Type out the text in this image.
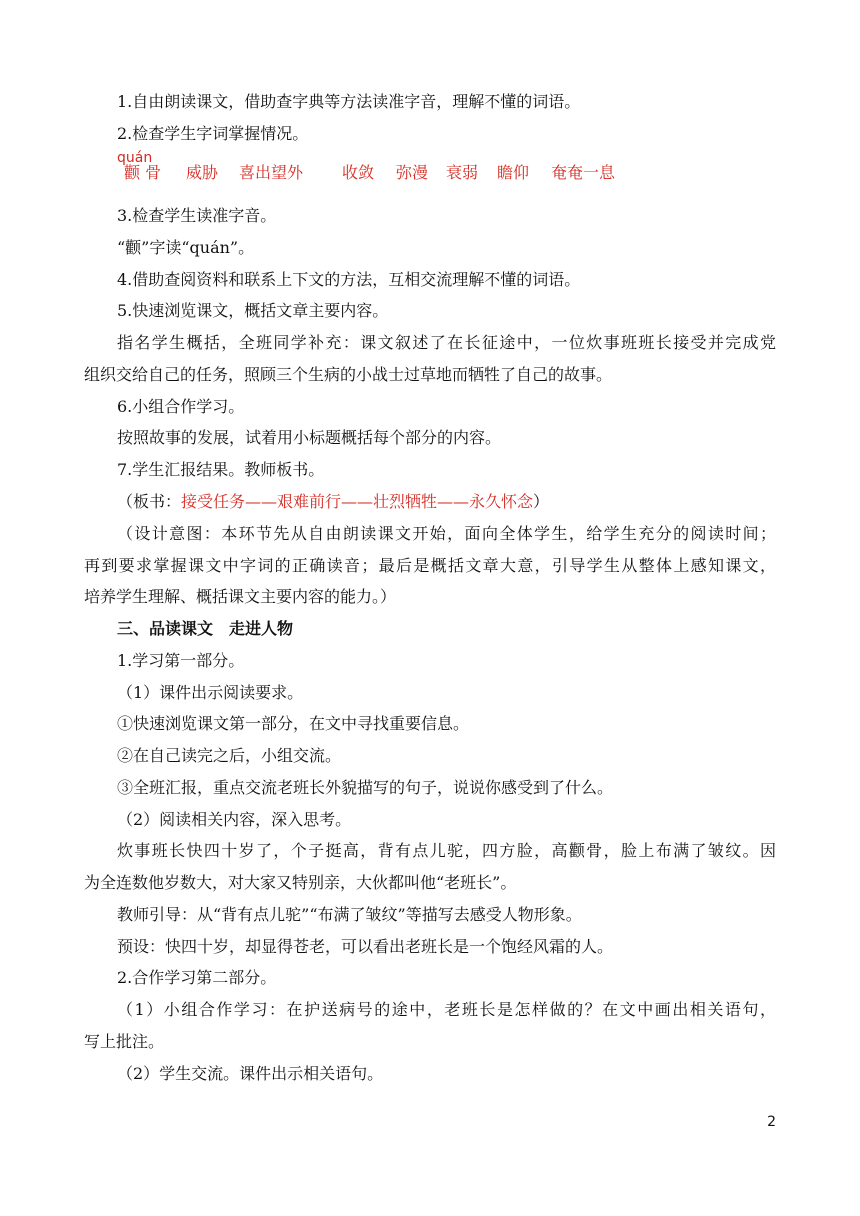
1.自由朗读课文，借助查字典等方法读准字音，理解不懂的词语。
2.检查学生字词掌握情况。
quán
颧 骨 威胁 喜出望外 收敛 弥漫 衰弱 瞻仰 奄奄一息
3.检查学生读准字音。
“颧”字读“quán”。
4.借助查阅资料和联系上下文的方法，互相交流理解不懂的词语。
5.快速浏览课文，概括文章主要内容。
指名学生概括，全班同学补充：课文叙述了在长征途中，一位炊事班班长接受并完成党
组织交给自己的任务，照顾三个生病的小战士过草地而牺牲了自己的故事。
6.小组合作学习。
按照故事的发展，试着用小标题概括每个部分的内容。
7.学生汇报结果。教师板书。
（板书：接受任务——艰难前行——壮烈牺牲——永久怀念）
（设计意图：本环节先从自由朗读课文开始，面向全体学生，给学生充分的阅读时间；
再到要求掌握课文中字词的正确读音；最后是概括文章大意，引导学生从整体上感知课文，
培养学生理解、概括课文主要内容的能力。）
三、品读课文　走进人物
1.学习第一部分。
（1）课件出示阅读要求。
①快速浏览课文第一部分，在文中寻找重要信息。
②在自己读完之后，小组交流。
③全班汇报，重点交流老班长外貌描写的句子，说说你感受到了什么。
（2）阅读相关内容，深入思考。
炊事班长快四十岁了，个子挺高，背有点儿驼，四方脸，高颧骨，脸上布满了皱纹。因
为全连数他岁数大，对大家又特别亲，大伙都叫他“老班长”。
教师引导：从“背有点儿驼”“布满了皱纹”等描写去感受人物形象。
预设：快四十岁，却显得苍老，可以看出老班长是一个饱经风霜的人。
2.合作学习第二部分。
（1）小组合作学习：在护送病号的途中，老班长是怎样做的？在文中画出相关语句，
写上批注。
（2）学生交流。课件出示相关语句。
2
